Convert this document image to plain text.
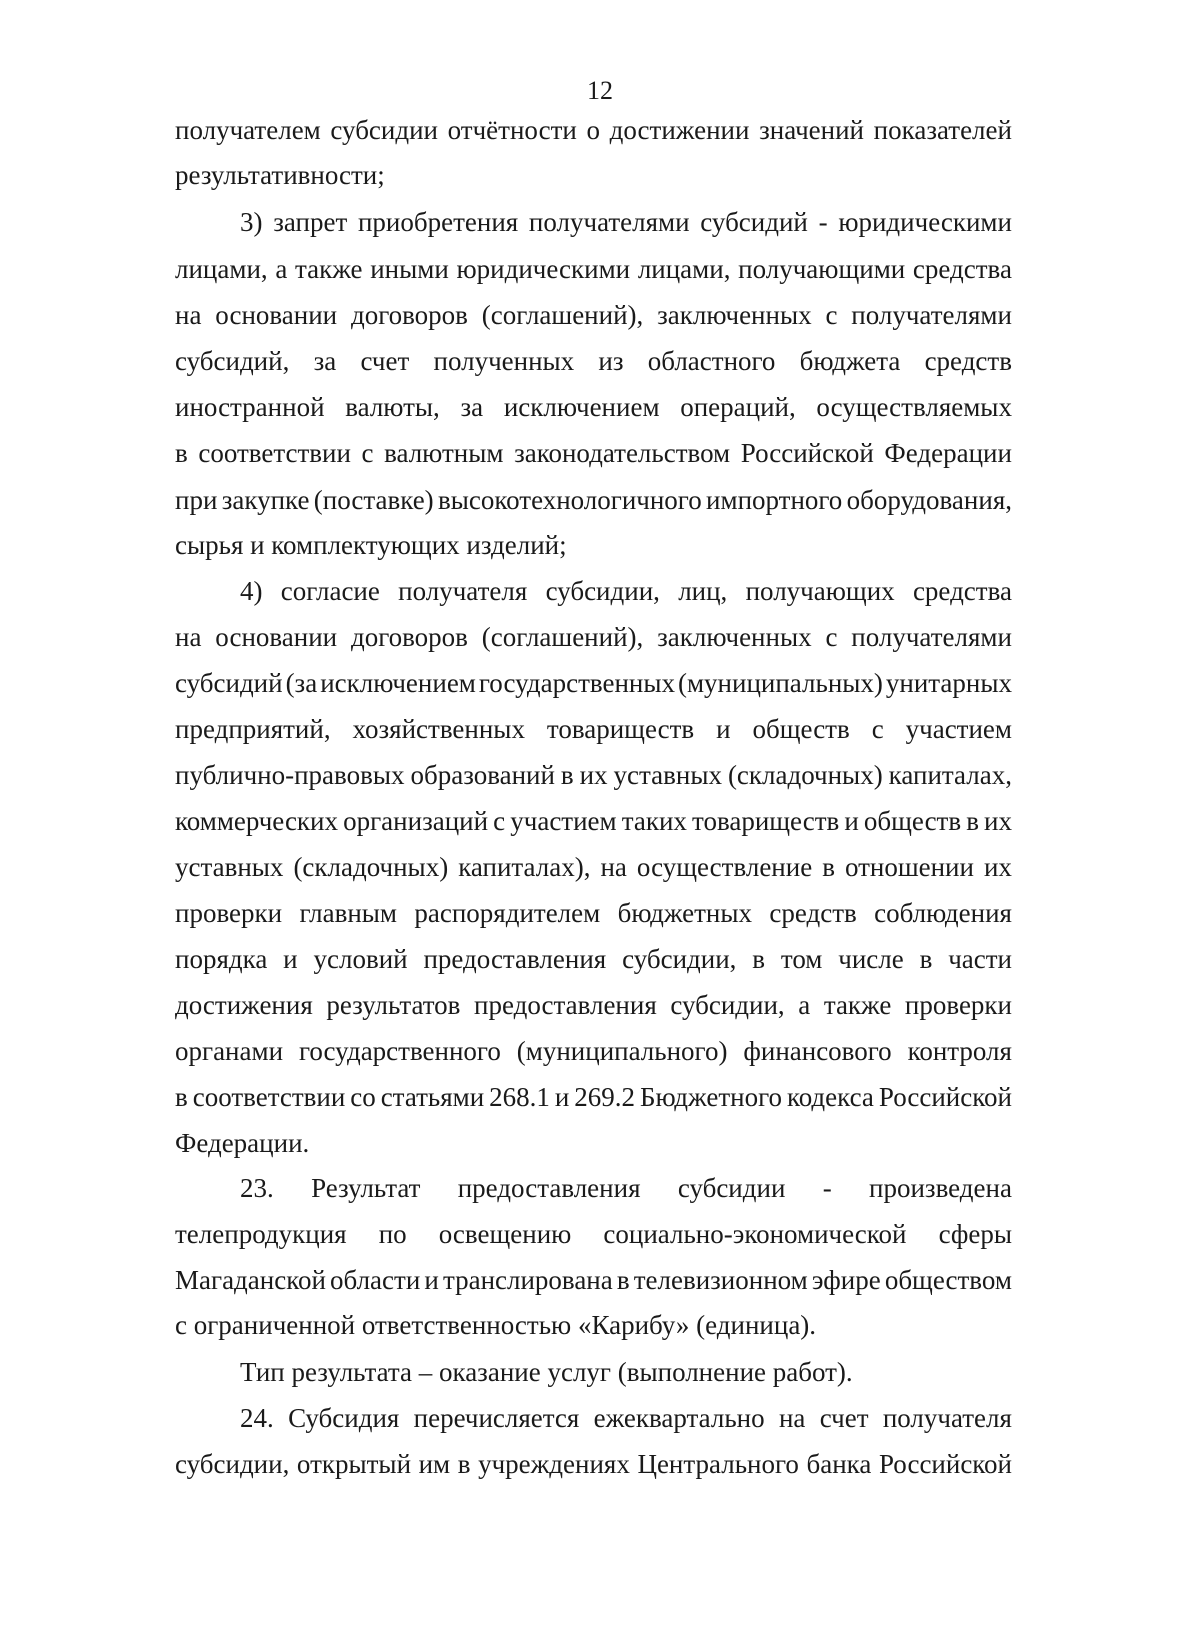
12
получателем субсидии отчётности о достижении значений показателей
результативности;
3) запрет приобретения получателями субсидий - юридическими
лицами, а также иными юридическими лицами, получающими средства
на основании договоров (соглашений), заключенных с получателями
субсидий, за счет полученных из областного бюджета средств
иностранной валюты, за исключением операций, осуществляемых
в соответствии с валютным законодательством Российской Федерации
при закупке (поставке) высокотехнологичного импортного оборудования,
сырья и комплектующих изделий;
4) согласие получателя субсидии, лиц, получающих средства
на основании договоров (соглашений), заключенных с получателями
субсидий (за исключением государственных (муниципальных) унитарных
предприятий, хозяйственных товариществ и обществ с участием
публично-правовых образований в их уставных (складочных) капиталах,
коммерческих организаций с участием таких товариществ и обществ в их
уставных (складочных) капиталах), на осуществление в отношении их
проверки главным распорядителем бюджетных средств соблюдения
порядка и условий предоставления субсидии, в том числе в части
достижения результатов предоставления субсидии, а также проверки
органами государственного (муниципального) финансового контроля
в соответствии со статьями 268.1 и 269.2 Бюджетного кодекса Российской
Федерации.
23. Результат предоставления субсидии - произведена
телепродукция по освещению социально-экономической сферы
Магаданской области и транслирована в телевизионном эфире обществом
с ограниченной ответственностью «Карибу» (единица).
Тип результата – оказание услуг (выполнение работ).
24. Субсидия перечисляется ежеквартально на счет получателя
субсидии, открытый им в учреждениях Центрального банка Российской
